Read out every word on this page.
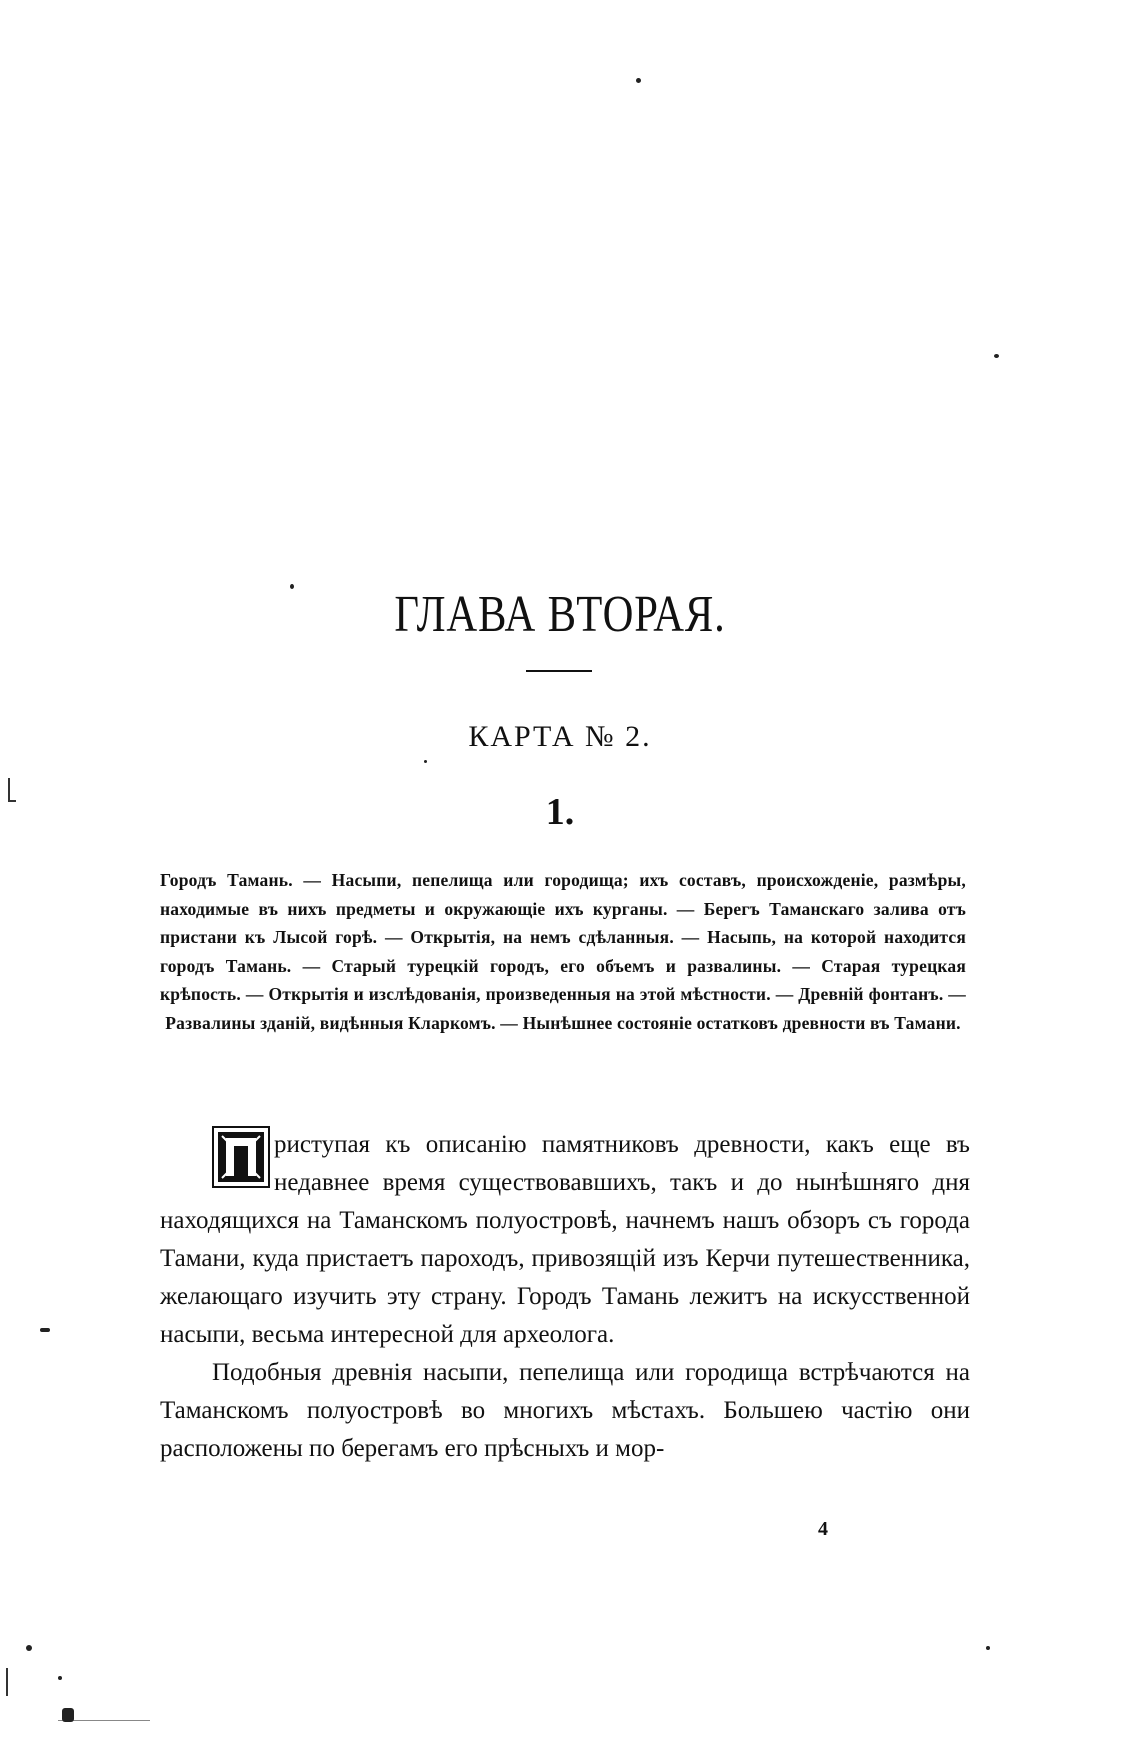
ГЛАВА ВТОРАЯ.
КАРТА № 2.
1.
Городъ Тамань. — Насыпи, пепелища или городища; ихъ составъ, происхожденіе, размѣры, находимые въ нихъ предметы и окружающіе ихъ курганы. — Берегъ Таманскаго залива отъ пристани къ Лысой горѣ. — Открытія, на немъ сдѣланныя. — Насыпь, на которой находится городъ Тамань. — Старый турецкій городъ, его объемъ и развалины. — Старая турецкая крѣпость. — Открытія и изслѣдованія, произведенныя на этой мѣстности. — Древній фонтанъ. — Развалины зданій, видѣнныя Кларкомъ. — Нынѣшнее состояніе остатковъ древности въ Тамани.

риступая къ описанію памятниковъ древности, какъ еще въ недавнее время существовавшихъ, такъ и до нынѣшняго дня находящихся на Таманскомъ полуостровѣ, начнемъ нашъ обзоръ съ города Тамани, куда пристаетъ пароходъ, привозящій изъ Керчи путешественника, желающаго изучить эту страну. Городъ Тамань лежитъ на искусственной насыпи, весьма интересной для археолога.

Подобныя древнія насыпи, пепелища или городища встрѣчаются на Таманскомъ полуостровѣ во многихъ мѣстахъ. Большею частію они расположены по берегамъ его прѣсныхъ и мор-

4
